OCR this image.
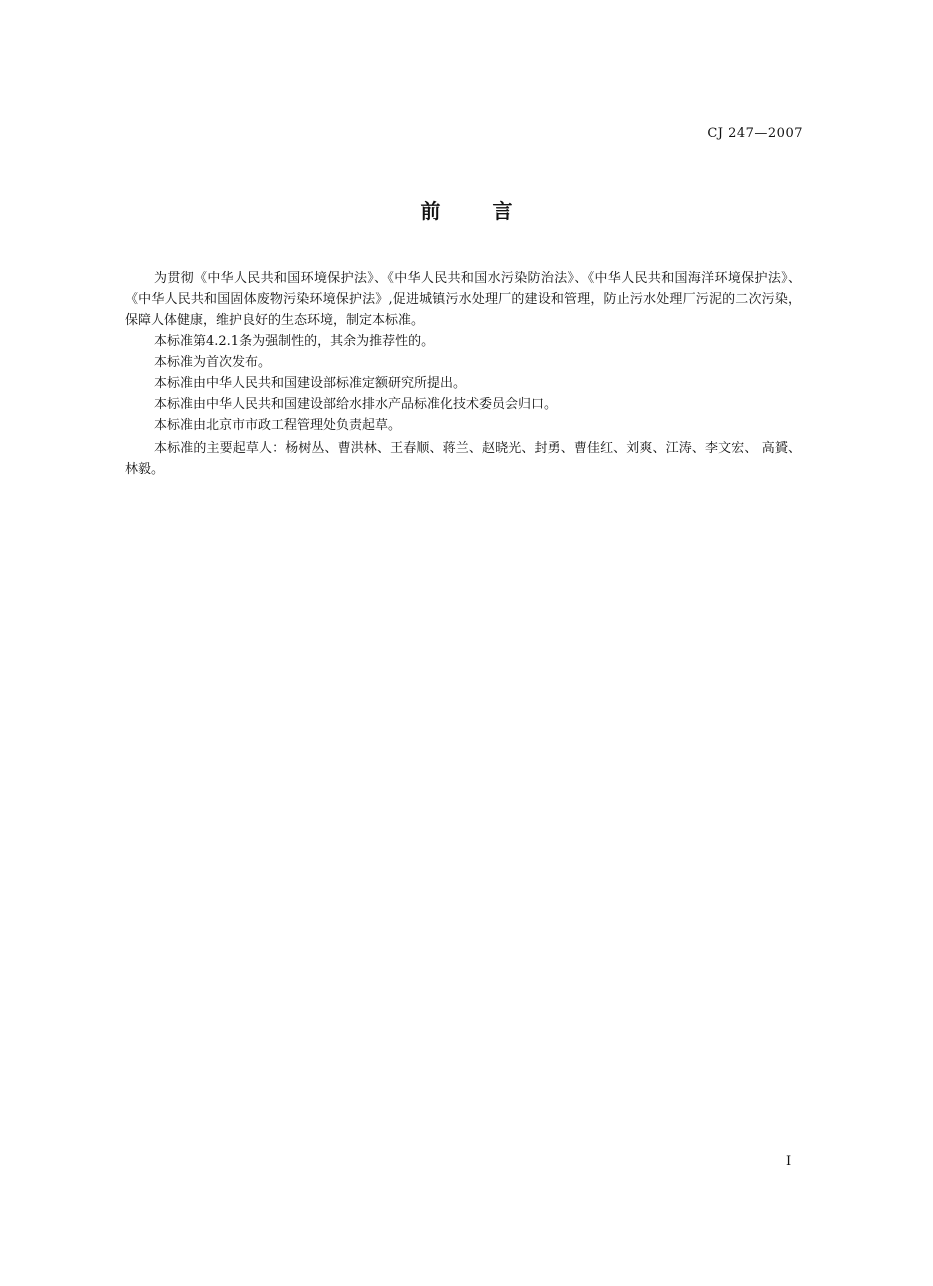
CJ 247—2007
前言

为贯彻《中华人民共和国环境保护法》、《中华人民共和国水污染防治法》、《中华人民共和国海洋环境保护法》、《中华人民共和国固体废物污染环境保护法》,促进城镇污水处理厂的建设和管理，防止污水处理厂污泥的二次污染，保障人体健康，维护良好的生态环境，制定本标准。

本标准第4.2.1条为强制性的，其余为推荐性的。

本标准为首次发布。

本标准由中华人民共和国建设部标准定额研究所提出。

本标准由中华人民共和国建设部给水排水产品标准化技术委员会归口。

本标准由北京市市政工程管理处负责起草。

本标准的主要起草人：杨树丛、曹洪林、王春顺、蒋兰、赵晓光、封勇、曹佳红、刘爽、江涛、李文宏、 高贇、林毅。

I
